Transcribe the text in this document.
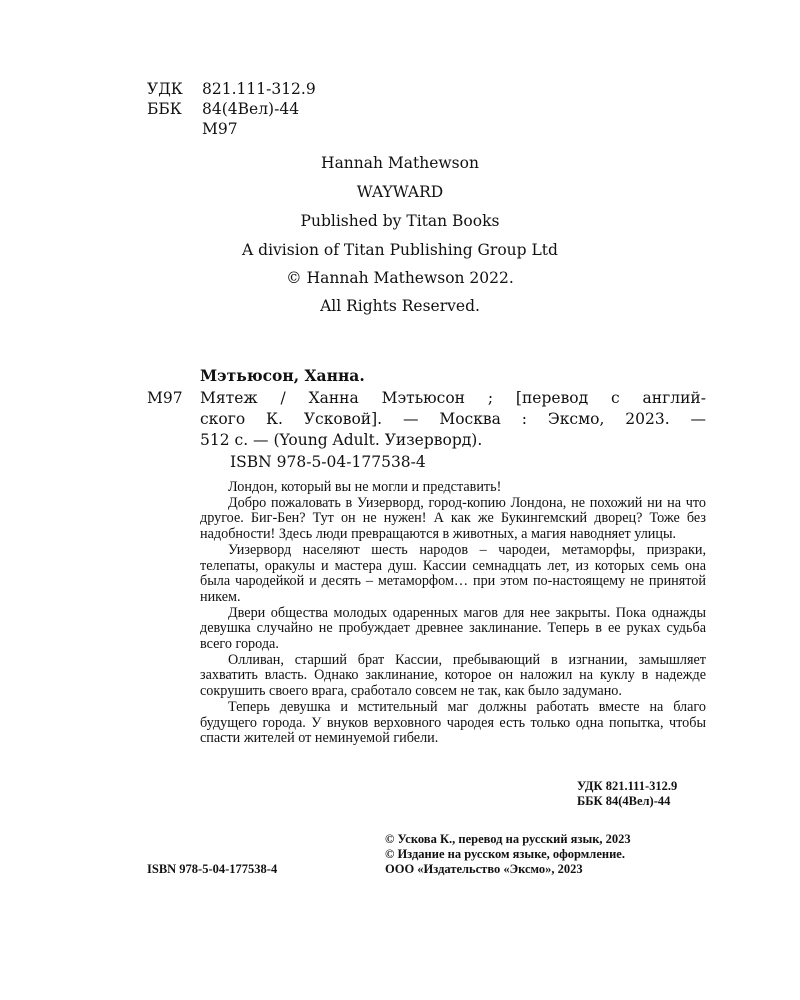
УДК 821.111-312.9
ББК 84(4Вел)-44
М97
Hannah Mathewson
WAYWARD
Published by Titan Books
A division of Titan Publishing Group Ltd
© Hannah Mathewson 2022.
All Rights Reserved.
Мэтьюсон, Ханна.
М97 Мятеж / Ханна Мэтьюсон ; [перевод с англий-
ского К. Усковой]. — Москва : Эксмо, 2023. —
512 с. — (Young Adult. Уизерворд).
ISBN 978-5-04-177538-4

Лондон, который вы не могли и представить!

Добро пожаловать в Уизерворд, город-копию Лондона, не похожий ни на что другое. Биг-Бен? Тут он не нужен! А как же Букингемский дворец? Тоже без надобности! Здесь люди превращаются в животных, а магия наводняет улицы.

Уизерворд населяют шесть народов – чародеи, метаморфы, призраки, телепаты, оракулы и мастера душ. Кассии семнадцать лет, из которых семь она была чародейкой и десять – метаморфом… при этом по-настоящему не принятой никем.

Двери общества молодых одаренных магов для нее закрыты. Пока однажды девушка случайно не пробуждает древнее заклинание. Теперь в ее руках судьба всего города.

Олливан, старший брат Кассии, пребывающий в изгнании, замышляет захватить власть. Однако заклинание, которое он наложил на куклу в надежде сокрушить своего врага, сработало совсем не так, как было задумано.

Теперь девушка и мстительный маг должны работать вместе на благо будущего города. У внуков верховного чародея есть только одна попытка, чтобы спасти жителей от неминуемой гибели.

УДК 821.111-312.9
ББК 84(4Вел)-44
ISBN 978-5-04-177538-4
© Ускова К., перевод на русский язык, 2023
© Издание на русском языке, оформление.
ООО «Издательство «Эксмо», 2023
